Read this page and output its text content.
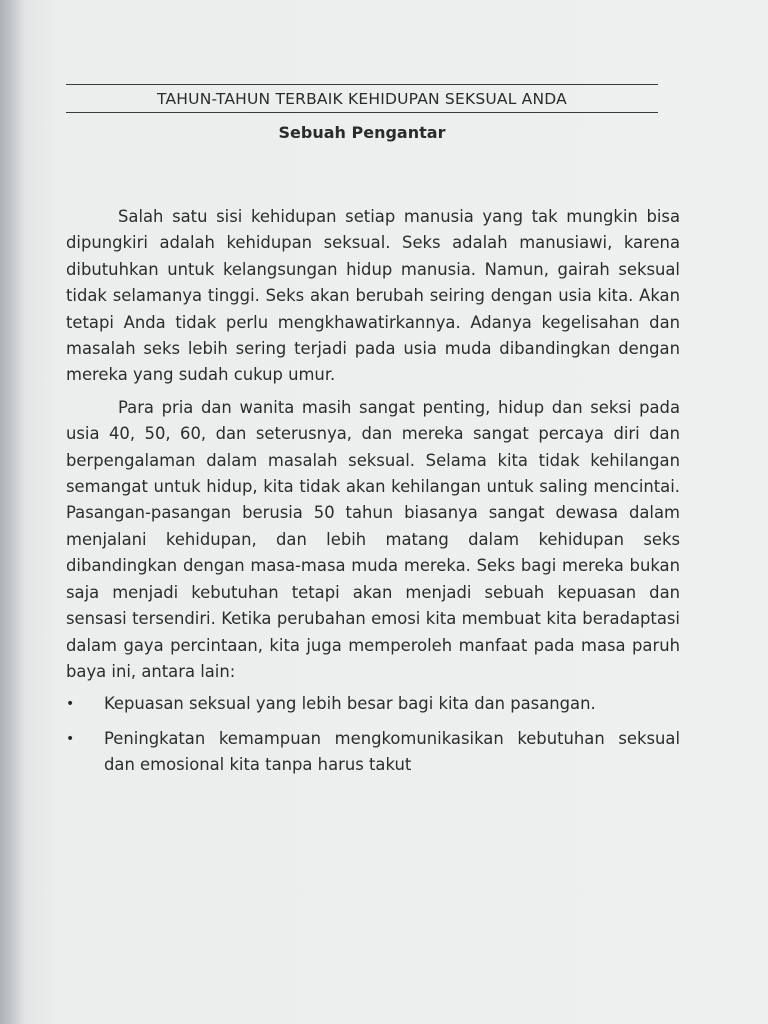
TAHUN-TAHUN TERBAIK KEHIDUPAN SEKSUAL ANDA
Sebuah Pengantar

Salah satu sisi kehidupan setiap manusia yang tak mungkin bisa dipungkiri adalah kehidupan seksual. Seks adalah manusiawi, karena dibutuhkan untuk kelangsungan hidup manusia. Namun, gairah seksual tidak selamanya tinggi. Seks akan berubah seiring dengan usia kita. Akan tetapi Anda tidak perlu mengkhawatirkannya. Adanya kegelisahan dan masalah seks lebih sering terjadi pada usia muda dibandingkan dengan mereka yang sudah cukup umur.

Para pria dan wanita masih sangat penting, hidup dan seksi pada usia 40, 50, 60, dan seterusnya, dan mereka sangat percaya diri dan berpengalaman dalam masalah seksual. Selama kita tidak kehilangan semangat untuk hidup, kita tidak akan kehilangan untuk saling mencintai. Pasangan-pasangan berusia 50 tahun biasanya sangat dewasa dalam menjalani kehidupan, dan lebih matang dalam kehidupan seks dibandingkan dengan masa-masa muda mereka. Seks bagi mereka bukan saja menjadi kebutuhan tetapi akan menjadi sebuah kepuasan dan sensasi tersendiri. Ketika perubahan emosi kita membuat kita beradaptasi dalam gaya percintaan, kita juga memperoleh manfaat pada masa paruh baya ini, antara lain:

• Kepuasan seksual yang lebih besar bagi kita dan pasangan.
• Peningkatan kemampuan mengkomunikasikan kebutuhan seksual dan emosional kita tanpa harus takut
